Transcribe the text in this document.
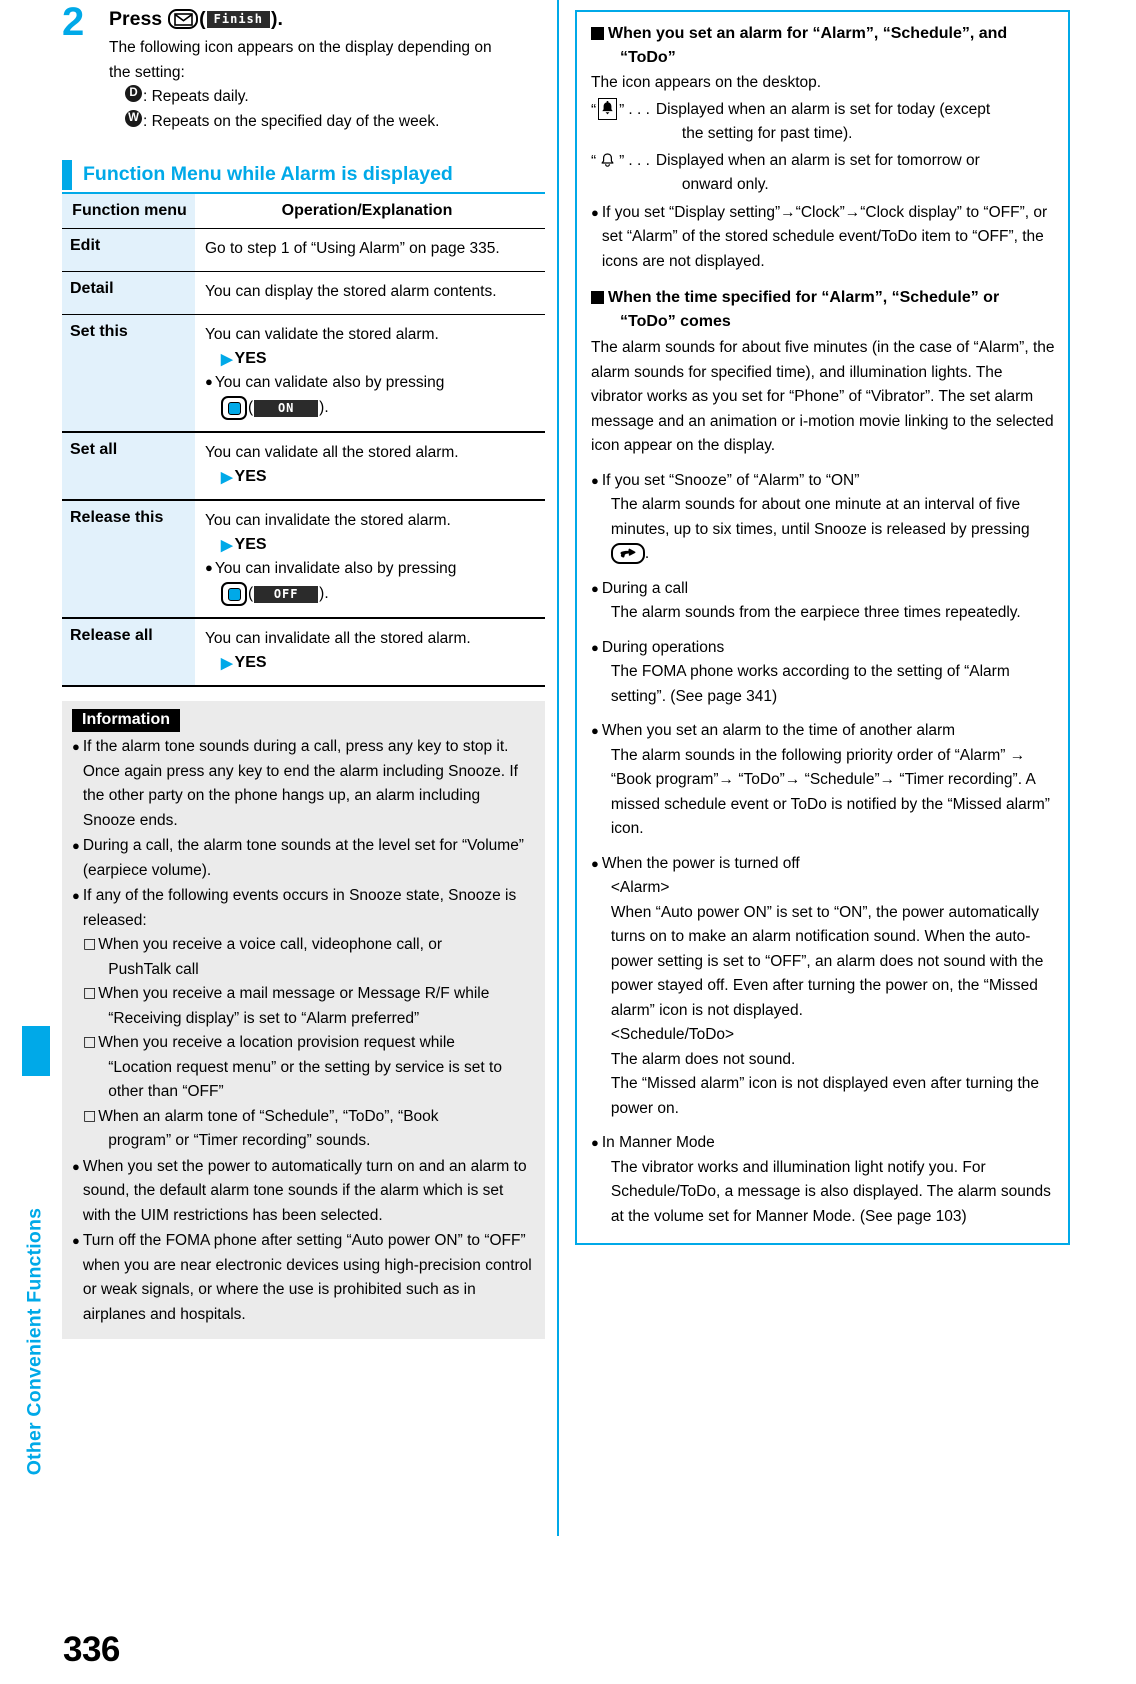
Other Convenient Functions
336
2 Press ( Finish ).
The following icon appears on the display depending on
the setting:
D : Repeats daily.
W : Repeats on the specified day of the week.
Function Menu while Alarm is displayed
Function menu	Operation/Explanation

Edit	Go to step 1 of “Using Alarm” on page 335.

Detail	You can display the stored alarm contents.

Set this	You can validate the stored alarm.
▶ YES
● You can validate also by pressing
(	ON	).

Set all	You can validate all the stored alarm.
▶ YES

Release this	You can invalidate the stored alarm.
▶ YES
● You can invalidate also by pressing
(	OFF	).

Release all	You can invalidate all the stored alarm.
▶ YES
Information
● If the alarm tone sounds during a call, press any key to stop it. Once again press any key to end the alarm including Snooze. If the other party on the phone hangs up, an alarm including Snooze ends.
● During a call, the alarm tone sounds at the level set for “Volume” (earpiece volume).
● If any of the following events occurs in Snooze state, Snooze is released:
□ When you receive a voice call, videophone call, or
PushTalk call
□ When you receive a mail message or Message R/F while
“Receiving display” is set to “Alarm preferred”
□ When you receive a location provision request while
“Location request menu” or the setting by service is set to other than “OFF”
□ When an alarm tone of “Schedule”, “ToDo”, “Book
program” or “Timer recording” sounds.
● When you set the power to automatically turn on and an alarm to sound, the default alarm tone sounds if the alarm which is set with the UIM restrictions has been selected.
● Turn off the FOMA phone after setting “Auto power ON” to “OFF” when you are near electronic devices using high-precision control or weak signals, or where the use is prohibited such as in airplanes and hospitals.
When you set an alarm for “Alarm”, “Schedule”, and
“ToDo”
The icon appears on the desktop.
“ ” . . . Displayed when an alarm is set for today (except
the setting for past time).
“ ” . . . Displayed when an alarm is set for tomorrow or
onward only.
● If you set “Display setting”→“Clock”→“Clock display” to “OFF”, or set “Alarm” of the stored schedule event/ToDo item to “OFF”, the icons are not displayed.
When the time specified for “Alarm”, “Schedule” or
“ToDo” comes
The alarm sounds for about five minutes (in the case of “Alarm”, the alarm sounds for specified time), and illumination lights. The vibrator works as you set for “Phone” of “Vibrator”. The set alarm message and an animation or i-motion movie linking to the selected icon appear on the display.
● If you set “Snooze” of “Alarm” to “ON”
The alarm sounds for about one minute at an interval of five minutes, up to six times, until Snooze is released by pressing
.
● During a call
The alarm sounds from the earpiece three times repeatedly.
● During operations
The FOMA phone works according to the setting of “Alarm setting”. (See page 341)
● When you set an alarm to the time of another alarm
The alarm sounds in the following priority order of “Alarm” → “Book program”→ “ToDo”→ “Schedule”→ “Timer recording”. A missed schedule event or ToDo is notified by the “Missed alarm” icon.
● When the power is turned off
<Alarm>
When “Auto power ON” is set to “ON”, the power automatically turns on to make an alarm notification sound. When the auto-power setting is set to “OFF”, an alarm does not sound with the power stayed off. Even after turning the power on, the “Missed alarm” icon is not displayed.
<Schedule/ToDo>
The alarm does not sound.
The “Missed alarm” icon is not displayed even after turning the power on.
● In Manner Mode
The vibrator works and illumination light notify you. For Schedule/ToDo, a message is also displayed. The alarm sounds at the volume set for Manner Mode. (See page 103)
